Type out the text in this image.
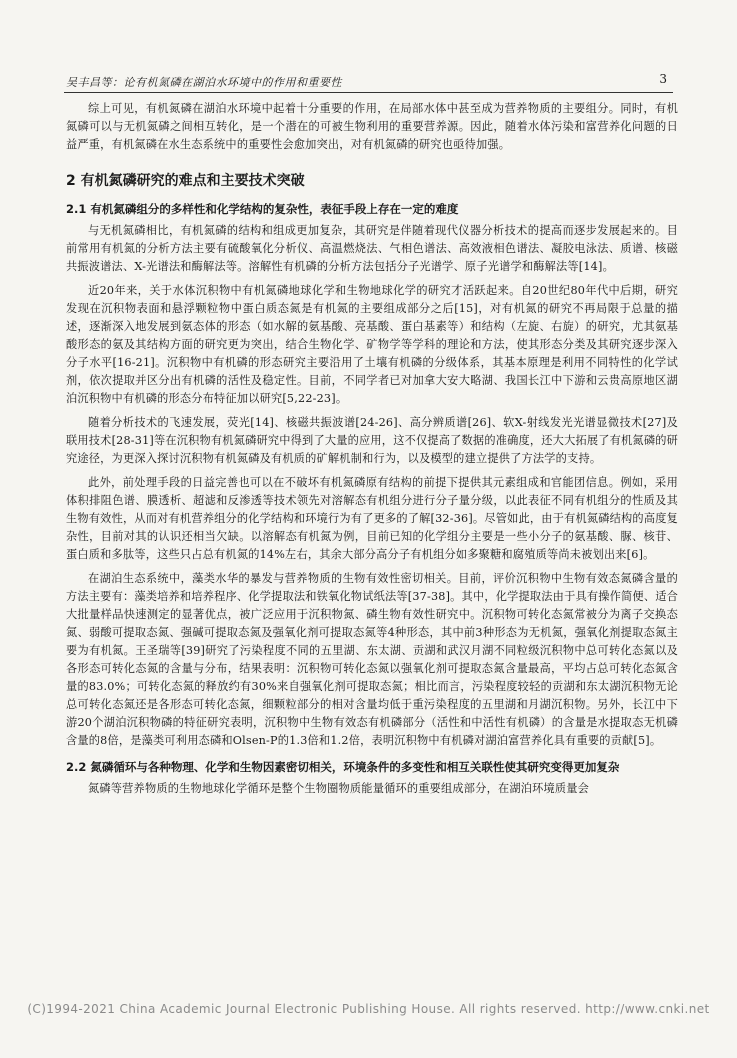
吴丰昌等：论有机氮磷在湖泊水环境中的作用和重要性	3

综上可见，有机氮磷在湖泊水环境中起着十分重要的作用，在局部水体中甚至成为营养物质的主要组分。同时，有机氮磷可以与无机氮磷之间相互转化，是一个潜在的可被生物利用的重要营养源。因此，随着水体污染和富营养化问题的日益严重，有机氮磷在水生态系统中的重要性会愈加突出，对有机氮磷的研究也亟待加强。

2 有机氮磷研究的难点和主要技术突破
2.1 有机氮磷组分的多样性和化学结构的复杂性，表征手段上存在一定的难度

与无机氮磷相比，有机氮磷的结构和组成更加复杂，其研究是伴随着现代仪器分析技术的提高而逐步发展起来的。目前常用有机氮的分析方法主要有硫酸氧化分析仪、高温燃烧法、气相色谱法、高效液相色谱法、凝胶电泳法、质谱、核磁共振波谱法、X-光谱法和酶解法等。溶解性有机磷的分析方法包括分子光谱学、原子光谱学和酶解法等[14]。

近20年来，关于水体沉积物中有机氮磷地球化学和生物地球化学的研究才活跃起来。自20世纪80年代中后期，研究发现在沉积物表面和悬浮颗粒物中蛋白质态氮是有机氮的主要组成部分之后[15]，对有机氮的研究不再局限于总量的描述，逐渐深入地发展到氨态体的形态（如水解的氨基酸、亮基酸、蛋白基素等）和结构（左旋、右旋）的研究，尤其氨基酸形态的氨及其结构方面的研究更为突出，结合生物化学、矿物学等学科的理论和方法，使其形态分类及其研究逐步深入分子水平[16-21]。沉积物中有机磷的形态研究主要沿用了土壤有机磷的分级体系，其基本原理是利用不同特性的化学试剂，依次提取并区分出有机磷的活性及稳定性。目前，不同学者已对加拿大安大略湖、我国长江中下游和云贵高原地区湖泊沉积物中有机磷的形态分布特征加以研究[5,22-23]。

随着分析技术的飞速发展，荧光[14]、核磁共振波谱[24-26]、高分辨质谱[26]、软X-射线发光光谱显微技术[27]及联用技术[28-31]等在沉积物有机氮磷研究中得到了大量的应用，这不仅提高了数据的准确度，还大大拓展了有机氮磷的研究途径，为更深入探讨沉积物有机氮磷及有机质的矿解机制和行为，以及模型的建立提供了方法学的支持。

此外，前处理手段的日益完善也可以在不破坏有机氮磷原有结构的前提下提供其元素组成和官能团信息。例如，采用体积排阻色谱、膜透析、超滤和反渗透等技术领先对溶解态有机组分进行分子量分级，以此表征不同有机组分的性质及其生物有效性，从而对有机营养组分的化学结构和环境行为有了更多的了解[32-36]。尽管如此，由于有机氮磷结构的高度复杂性，目前对其的认识还相当欠缺。以溶解态有机氮为例，目前已知的化学组分主要是一些小分子的氨基酸、脲、核苷、蛋白质和多肽等，这些只占总有机氮的14%左右，其余大部分高分子有机组分如多聚糖和腐殖质等尚未被划出来[6]。

在湖泊生态系统中，藻类水华的暴发与营养物质的生物有效性密切相关。目前，评价沉积物中生物有效态氮磷含量的方法主要有：藻类培养和培养程序、化学提取法和铁氧化物试纸法等[37-38]。其中，化学提取法由于具有操作简便、适合大批量样品快速测定的显著优点，被广泛应用于沉积物氮、磷生物有效性研究中。沉积物可转化态氮常被分为离子交换态氮、弱酸可提取态氮、强碱可提取态氮及强氧化剂可提取态氮等4种形态，其中前3种形态为无机氮，强氧化剂提取态氮主要为有机氮。王圣瑞等[39]研究了污染程度不同的五里湖、东太湖、贡湖和武汉月湖不同粒级沉积物中总可转化态氮以及各形态可转化态氮的含量与分布，结果表明：沉积物可转化态氮以强氧化剂可提取态氮含量最高，平均占总可转化态氮含量的83.0%；可转化态氮的释放约有30%来自强氧化剂可提取态氮；相比而言，污染程度较轻的贡湖和东太湖沉积物无论总可转化态氮还是各形态可转化态氮，细颗粒部分的相对含量均低于重污染程度的五里湖和月湖沉积物。另外，长江中下游20个湖泊沉积物磷的特征研究表明，沉积物中生物有效态有机磷部分（活性和中活性有机磷）的含量是水提取态无机磷含量的8倍，是藻类可利用态磷和Olsen-P的1.3倍和1.2倍，表明沉积物中有机磷对湖泊富营养化具有重要的贡献[5]。

2.2 氮磷循环与各种物理、化学和生物因素密切相关，环境条件的多变性和相互关联性使其研究变得更加复杂

氮磷等营养物质的生物地球化学循环是整个生物圈物质能量循环的重要组成部分，在湖泊环境质量会

(C)1994-2021 China Academic Journal Electronic Publishing House. All rights reserved. http://www.cnki.net
